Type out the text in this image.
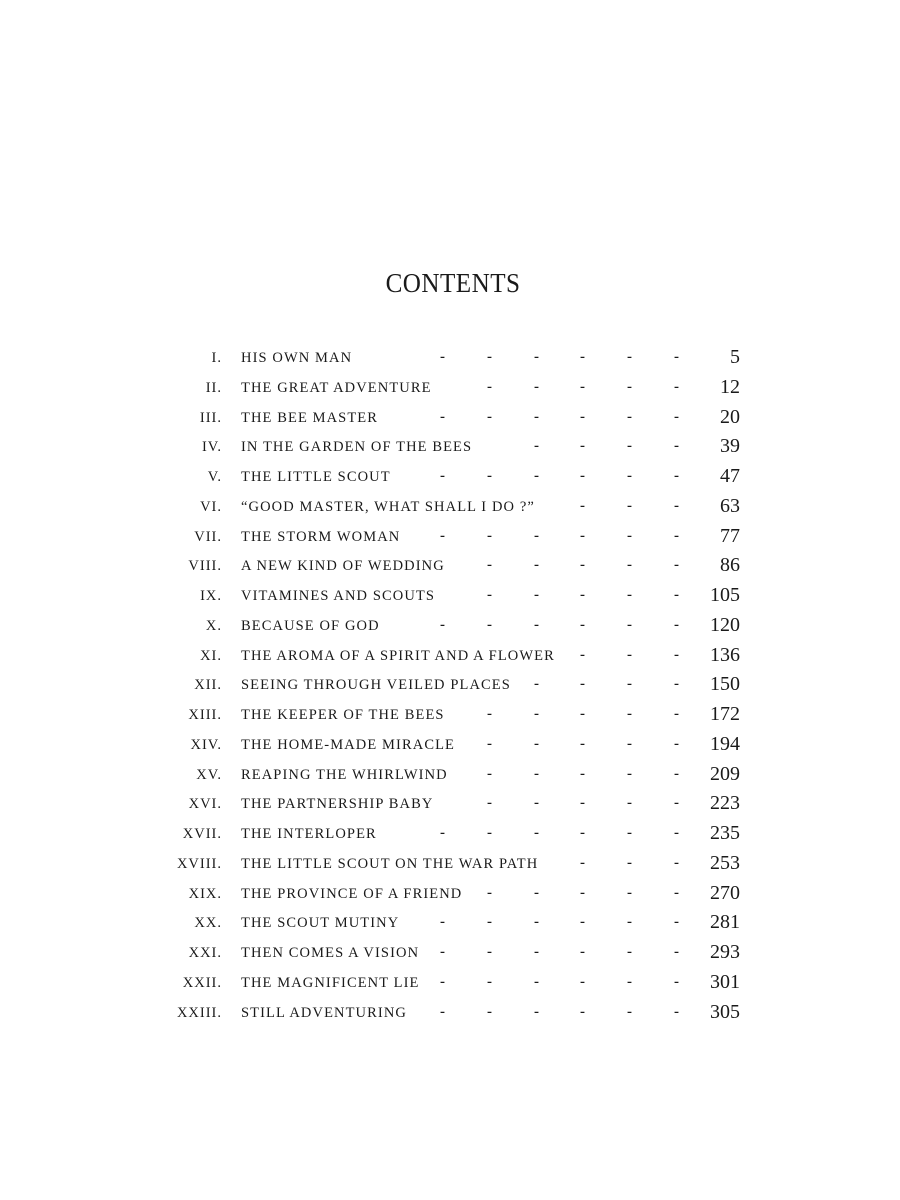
CONTENTS
I. HIS OWN MAN	5
-	-	-	-	-	-
II. THE GREAT ADVENTURE	12
-	-	-	-	-
III. THE BEE MASTER	20
-	-	-	-	-	-
IV. IN THE GARDEN OF THE BEES	39
-	-	-	-
V. THE LITTLE SCOUT	47
-	-	-	-	-	-
VI. “GOOD MASTER, WHAT SHALL I DO ?”	63
-	-	-
VII. THE STORM WOMAN	77
-	-	-	-	-	-
VIII. A NEW KIND OF WEDDING	86
-	-	-	-	-
IX. VITAMINES AND SCOUTS	105
-	-	-	-	-
X. BECAUSE OF GOD	120
-	-	-	-	-	-
XI. THE AROMA OF A SPIRIT AND A FLOWER	136
-	-	-
XII. SEEING THROUGH VEILED PLACES	150
-	-	-	-
XIII. THE KEEPER OF THE BEES	172
-	-	-	-	-
XIV. THE HOME-MADE MIRACLE	194
-	-	-	-	-
XV. REAPING THE WHIRLWIND	209
-	-	-	-	-
XVI. THE PARTNERSHIP BABY	223
-	-	-	-	-
XVII. THE INTERLOPER	235
-	-	-	-	-	-
XVIII. THE LITTLE SCOUT ON THE WAR PATH	253
-	-	-
XIX. THE PROVINCE OF A FRIEND	270
-	-	-	-	-
XX. THE SCOUT MUTINY	281
-	-	-	-	-	-
XXI. THEN COMES A VISION	293
-	-	-	-	-	-
XXII. THE MAGNIFICENT LIE	301
-	-	-	-	-	-
XXIII. STILL ADVENTURING	305
-	-	-	-	-	-
